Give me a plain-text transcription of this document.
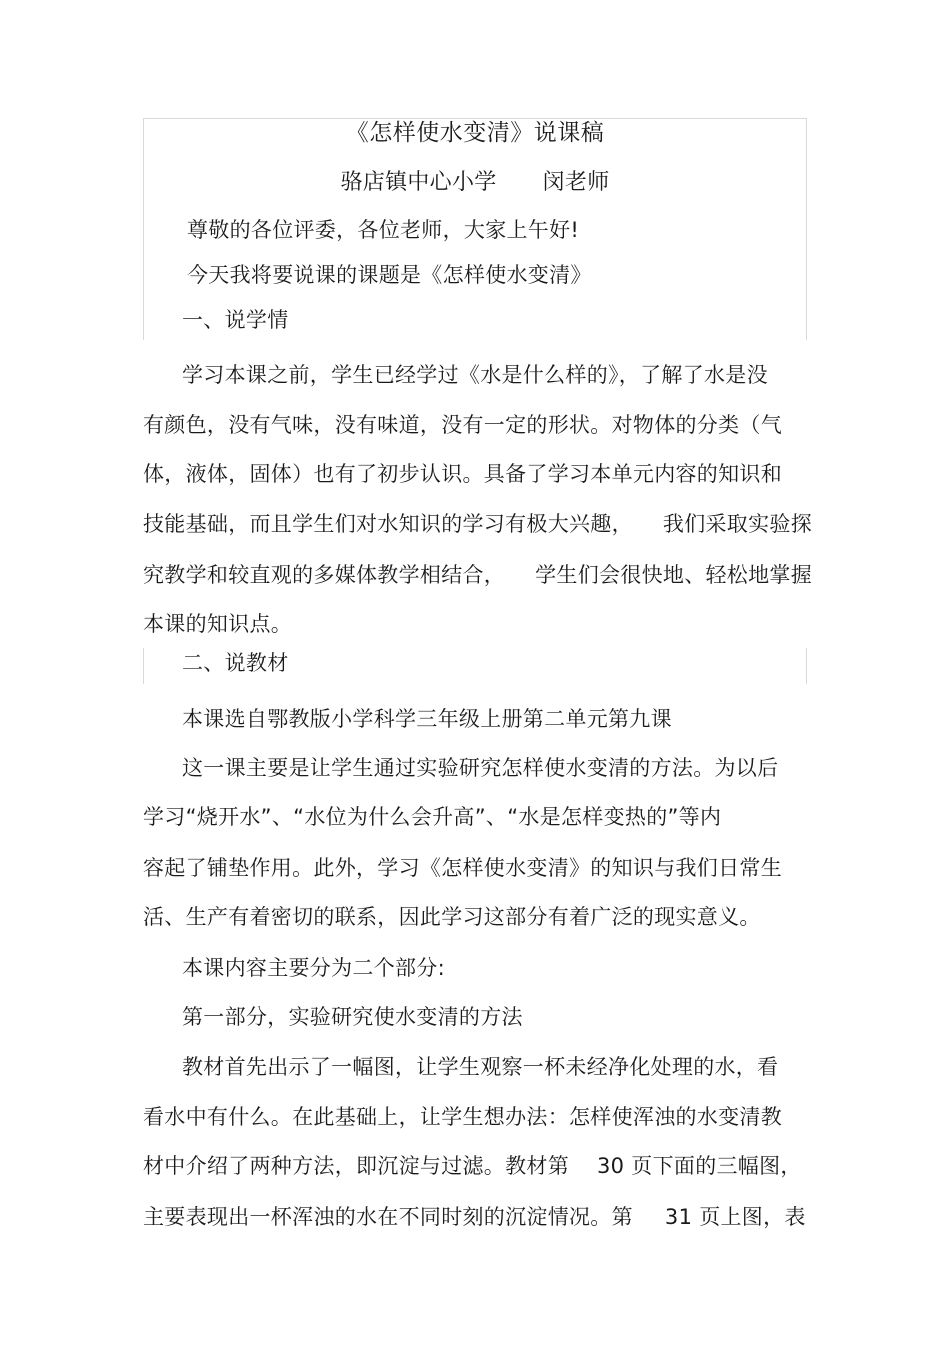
《怎样使水变清》说课稿
骆店镇中心小学 闵老师
尊敬的各位评委，各位老师，大家上午好!
今天我将要说课的课题是《怎样使水变清》
一、说学情
学习本课之前，学生已经学过《水是什么样的》，了解了水是没
有颜色，没有气味，没有味道，没有一定的形状。对物体的分类（气
体，液体，固体）也有了初步认识。具备了学习本单元内容的知识和
技能基础，而且学生们对水知识的学习有极大兴趣， 我们采取实验探
究教学和较直观的多媒体教学相结合， 学生们会很快地、轻松地掌握
本课的知识点。
二、说教材
本课选自鄂教版小学科学三年级上册第二单元第九课
这一课主要是让学生通过实验研究怎样使水变清的方法。为以后
学习“烧开水”、“水位为什么会升高”、“水是怎样变热的”等内
容起了铺垫作用。此外，学习《怎样使水变清》的知识与我们日常生
活、生产有着密切的联系，因此学习这部分有着广泛的现实意义。
本课内容主要分为二个部分:
第一部分，实验研究使水变清的方法
教材首先出示了一幅图，让学生观察一杯未经净化处理的水，看
看水中有什么。在此基础上，让学生想办法：怎样使浑浊的水变清教
材中介绍了两种方法，即沉淀与过滤。教材第 30 页下面的三幅图，
主要表现出一杯浑浊的水在不同时刻的沉淀情况。第 31 页上图，表
